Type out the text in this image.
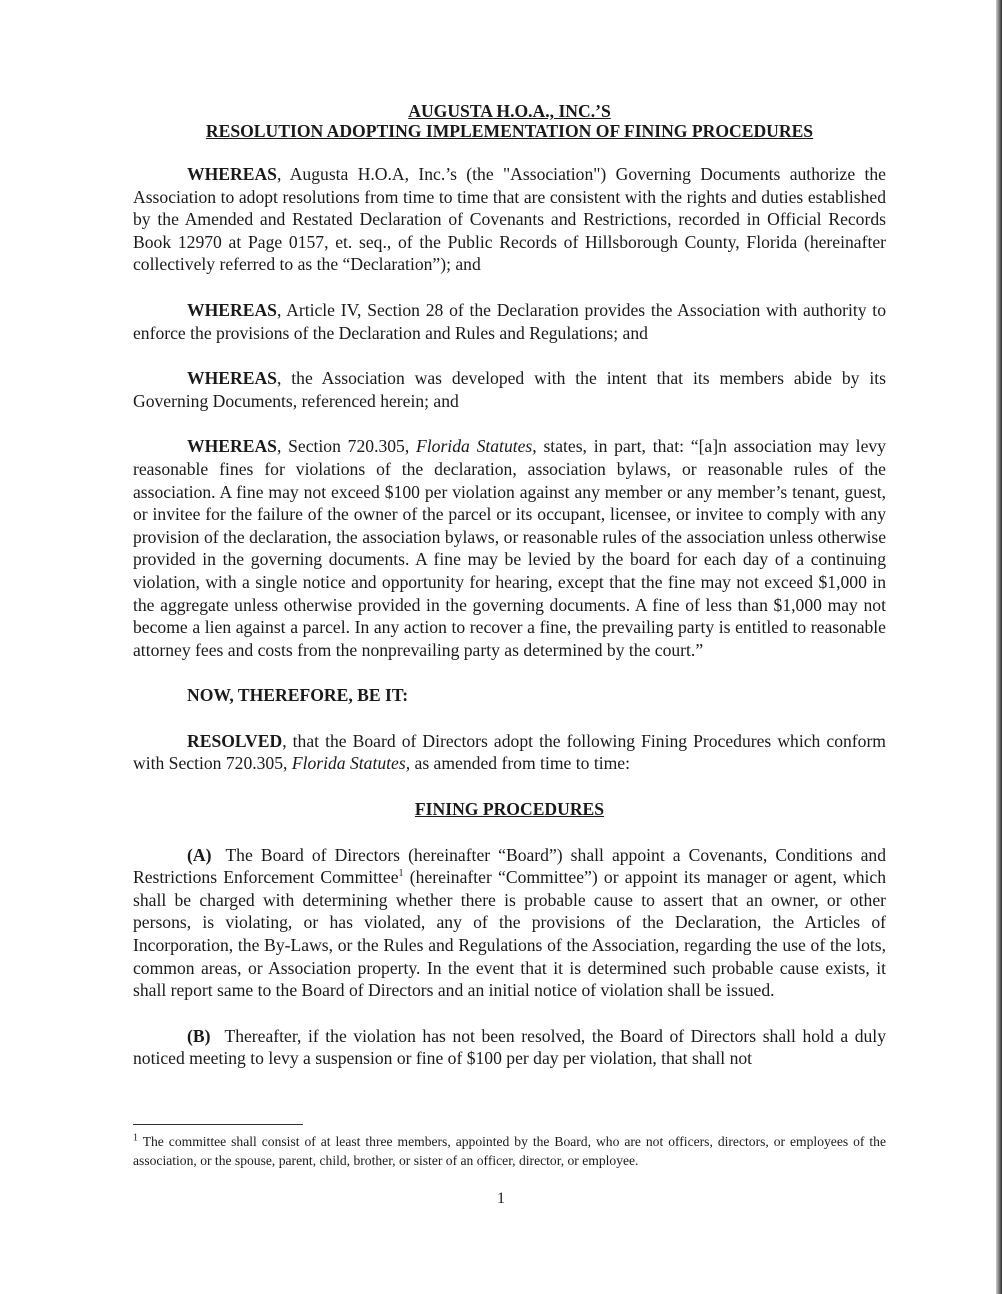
AUGUSTA H.O.A., INC.’S
RESOLUTION ADOPTING IMPLEMENTATION OF FINING PROCEDURES

WHEREAS, Augusta H.O.A, Inc.’s (the "Association") Governing Documents authorize the Association to adopt resolutions from time to time that are consistent with the rights and duties established by the Amended and Restated Declaration of Covenants and Restrictions, recorded in Official Records Book 12970 at Page 0157, et. seq., of the Public Records of Hillsborough County, Florida (hereinafter collectively referred to as the “Declaration”); and

WHEREAS, Article IV, Section 28 of the Declaration provides the Association with authority to enforce the provisions of the Declaration and Rules and Regulations; and

WHEREAS, the Association was developed with the intent that its members abide by its Governing Documents, referenced herein; and

WHEREAS, Section 720.305, Florida Statutes, states, in part, that: “[a]n association may levy reasonable fines for violations of the declaration, association bylaws, or reasonable rules of the association. A fine may not exceed $100 per violation against any member or any member’s tenant, guest, or invitee for the failure of the owner of the parcel or its occupant, licensee, or invitee to comply with any provision of the declaration, the association bylaws, or reasonable rules of the association unless otherwise provided in the governing documents. A fine may be levied by the board for each day of a continuing violation, with a single notice and opportunity for hearing, except that the fine may not exceed $1,000 in the aggregate unless otherwise provided in the governing documents. A fine of less than $1,000 may not become a lien against a parcel. In any action to recover a fine, the prevailing party is entitled to reasonable attorney fees and costs from the nonprevailing party as determined by the court.”

NOW, THEREFORE, BE IT:

RESOLVED, that the Board of Directors adopt the following Fining Procedures which conform with Section 720.305, Florida Statutes, as amended from time to time:

FINING PROCEDURES

(A) The Board of Directors (hereinafter “Board”) shall appoint a Covenants, Conditions and Restrictions Enforcement Committee$^1$ (hereinafter “Committee”) or appoint its manager or agent, which shall be charged with determining whether there is probable cause to assert that an owner, or other persons, is violating, or has violated, any of the provisions of the Declaration, the Articles of Incorporation, the By-Laws, or the Rules and Regulations of the Association, regarding the use of the lots, common areas, or Association property. In the event that it is determined such probable cause exists, it shall report same to the Board of Directors and an initial notice of violation shall be issued.

(B) Thereafter, if the violation has not been resolved, the Board of Directors shall hold a duly noticed meeting to levy a suspension or fine of $100 per day per violation, that shall not

$^1$ The committee shall consist of at least three members, appointed by the Board, who are not officers, directors, or employees of the association, or the spouse, parent, child, brother, or sister of an officer, director, or employee.
1
